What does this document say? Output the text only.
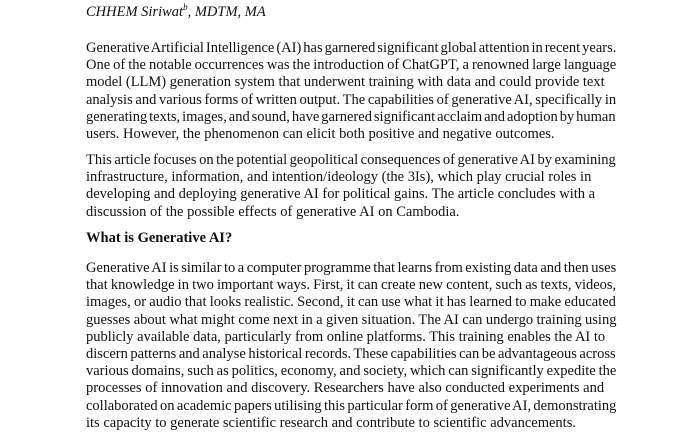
CHHEM Siriwat$^b$, MDTM, MA

Generative Artificial Intelligence (AI) has garnered significant global attention in recent years.
One of the notable occurrences was the introduction of ChatGPT, a renowned large language
model (LLM) generation system that underwent training with data and could provide text
analysis and various forms of written output. The capabilities of generative AI, specifically in
generating texts, images, and sound, have garnered significant acclaim and adoption by human
users. However, the phenomenon can elicit both positive and negative outcomes.

This article focuses on the potential geopolitical consequences of generative AI by examining
infrastructure, information, and intention/ideology (the 3Is), which play crucial roles in
developing and deploying generative AI for political gains. The article concludes with a
discussion of the possible effects of generative AI on Cambodia.

What is Generative AI?

Generative AI is similar to a computer programme that learns from existing data and then uses
that knowledge in two important ways. First, it can create new content, such as texts, videos,
images, or audio that looks realistic. Second, it can use what it has learned to make educated
guesses about what might come next in a given situation. The AI can undergo training using
publicly available data, particularly from online platforms. This training enables the AI to
discern patterns and analyse historical records. These capabilities can be advantageous across
various domains, such as politics, economy, and society, which can significantly expedite the
processes of innovation and discovery. Researchers have also conducted experiments and
collaborated on academic papers utilising this particular form of generative AI, demonstrating
its capacity to generate scientific research and contribute to scientific advancements.
